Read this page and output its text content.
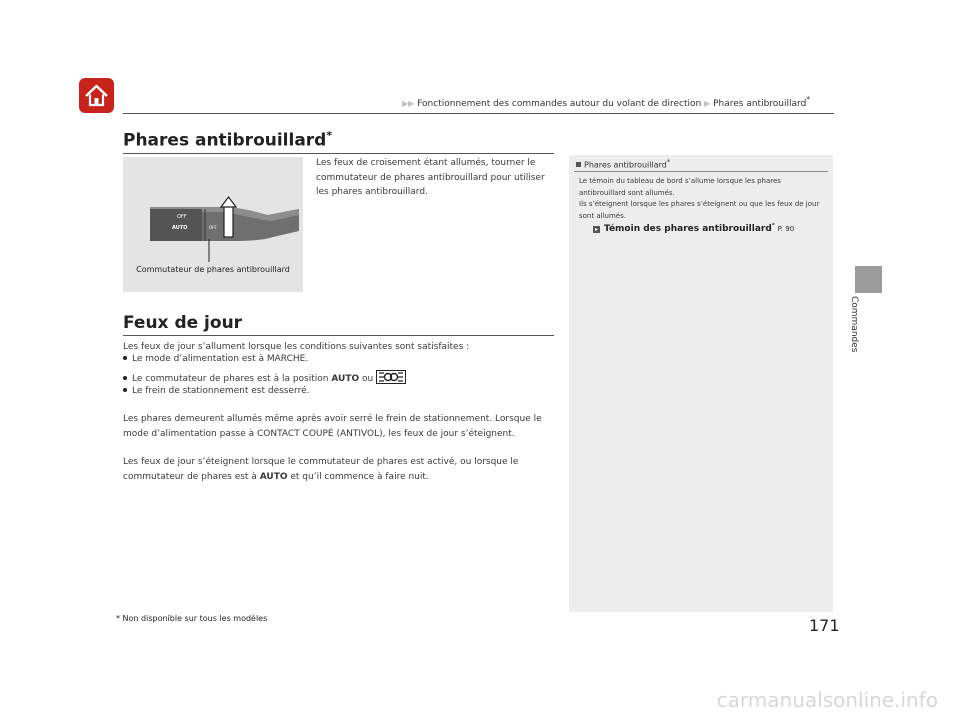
▶▶ Fonctionnement des commandes autour du volant de direction ▶ Phares antibrouillard*
Phares antibrouillard*
OFF
AUTO	OFF
Commutateur de phares antibrouillard
Les feux de croisement étant allumés, tourner le commutateur de phares antibrouillard pour utiliser les phares antibrouillard.
Phares antibrouillard*
Le témoin du tableau de bord s’allume lorsque les phares antibrouillard sont allumés.
Ils s’éteignent lorsque les phares s’éteignent ou que les feux de jour sont allumés.
▸ Témoin des phares antibrouillard* P. 90
Feux de jour
Les feux de jour s’allument lorsque les conditions suivantes sont satisfaites :
Le mode d’alimentation est à MARCHE.
Le commutateur de phares est à la position AUTO ou
Le frein de stationnement est desserré.
Les phares demeurent allumés même après avoir serré le frein de stationnement. Lorsque le mode d’alimentation passe à CONTACT COUPÉ (ANTIVOL), les feux de jour s’éteignent.
Les feux de jour s’éteignent lorsque le commutateur de phares est activé, ou lorsque le commutateur de phares est à AUTO et qu’il commence à faire nuit.
* Non disponible sur tous les modèles	171
Commandes
carmanualsonline.info
